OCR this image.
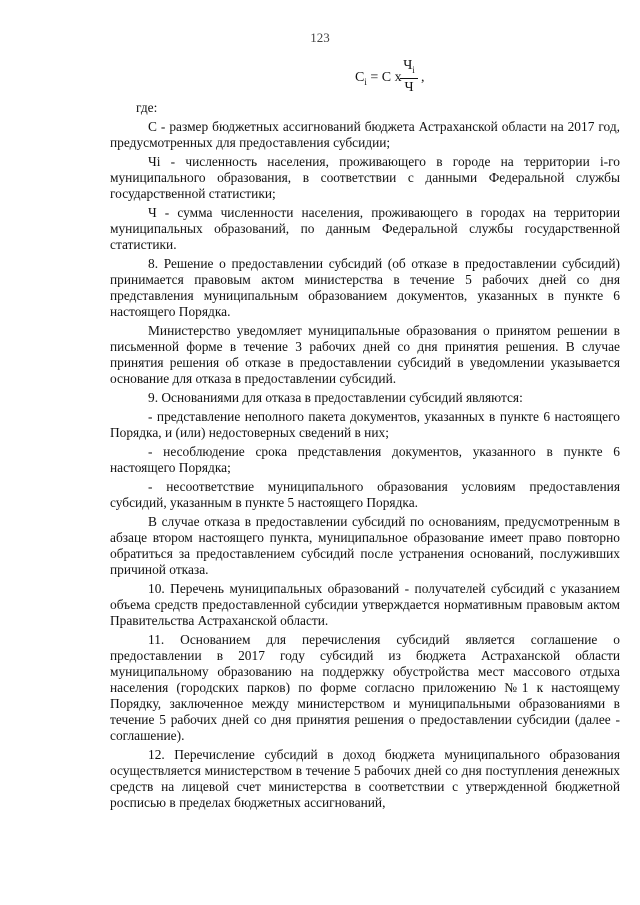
123
$C_i = C$ x
$Ч_i$
Ч
,

где:

С - размер бюджетных ассигнований бюджета Астраханской области на 2017 год, предусмотренных для предоставления субсидии;

Чi - численность населения, проживающего в городе на территории i-го муниципального образования, в соответствии с данными Федеральной службы государственной статистики;

Ч - сумма численности населения, проживающего в городах на территории муниципальных образований, по данным Федеральной службы государственной статистики.

8. Решение о предоставлении субсидий (об отказе в предоставлении субсидий) принимается правовым актом министерства в течение 5 рабочих дней со дня представления муниципальным образованием документов, указанных в пункте 6 настоящего Порядка.

Министерство уведомляет муниципальные образования о принятом решении в письменной форме в течение 3 рабочих дней со дня принятия решения. В случае принятия решения об отказе в предоставлении субсидий в уведомлении указывается основание для отказа в предоставлении субсидий.

9. Основаниями для отказа в предоставлении субсидий являются:

- представление неполного пакета документов, указанных в пункте 6 настоящего Порядка, и (или) недостоверных сведений в них;

- несоблюдение срока представления документов, указанного в пункте 6 настоящего Порядка;

- несоответствие муниципального образования условиям предоставления субсидий, указанным в пункте 5 настоящего Порядка.

В случае отказа в предоставлении субсидий по основаниям, предусмотренным в абзаце втором настоящего пункта, муниципальное образование имеет право повторно обратиться за предоставлением субсидий после устранения оснований, послуживших причиной отказа.

10. Перечень муниципальных образований - получателей субсидий с указанием объема средств предоставленной субсидии утверждается нормативным правовым актом Правительства Астраханской области.

11. Основанием для перечисления субсидий является соглашение о предоставлении в 2017 году субсидий из бюджета Астраханской области муниципальному образованию на поддержку обустройства мест массового отдыха населения (городских парков) по форме согласно приложению №1 к настоящему Порядку, заключенное между министерством и муниципальными образованиями в течение 5 рабочих дней со дня принятия решения о предоставлении субсидии (далее - соглашение).

12. Перечисление субсидий в доход бюджета муниципального образования осуществляется министерством в течение 5 рабочих дней со дня поступления денежных средств на лицевой счет министерства в соответствии с утвержденной бюджетной росписью в пределах бюджетных ассигнований,
